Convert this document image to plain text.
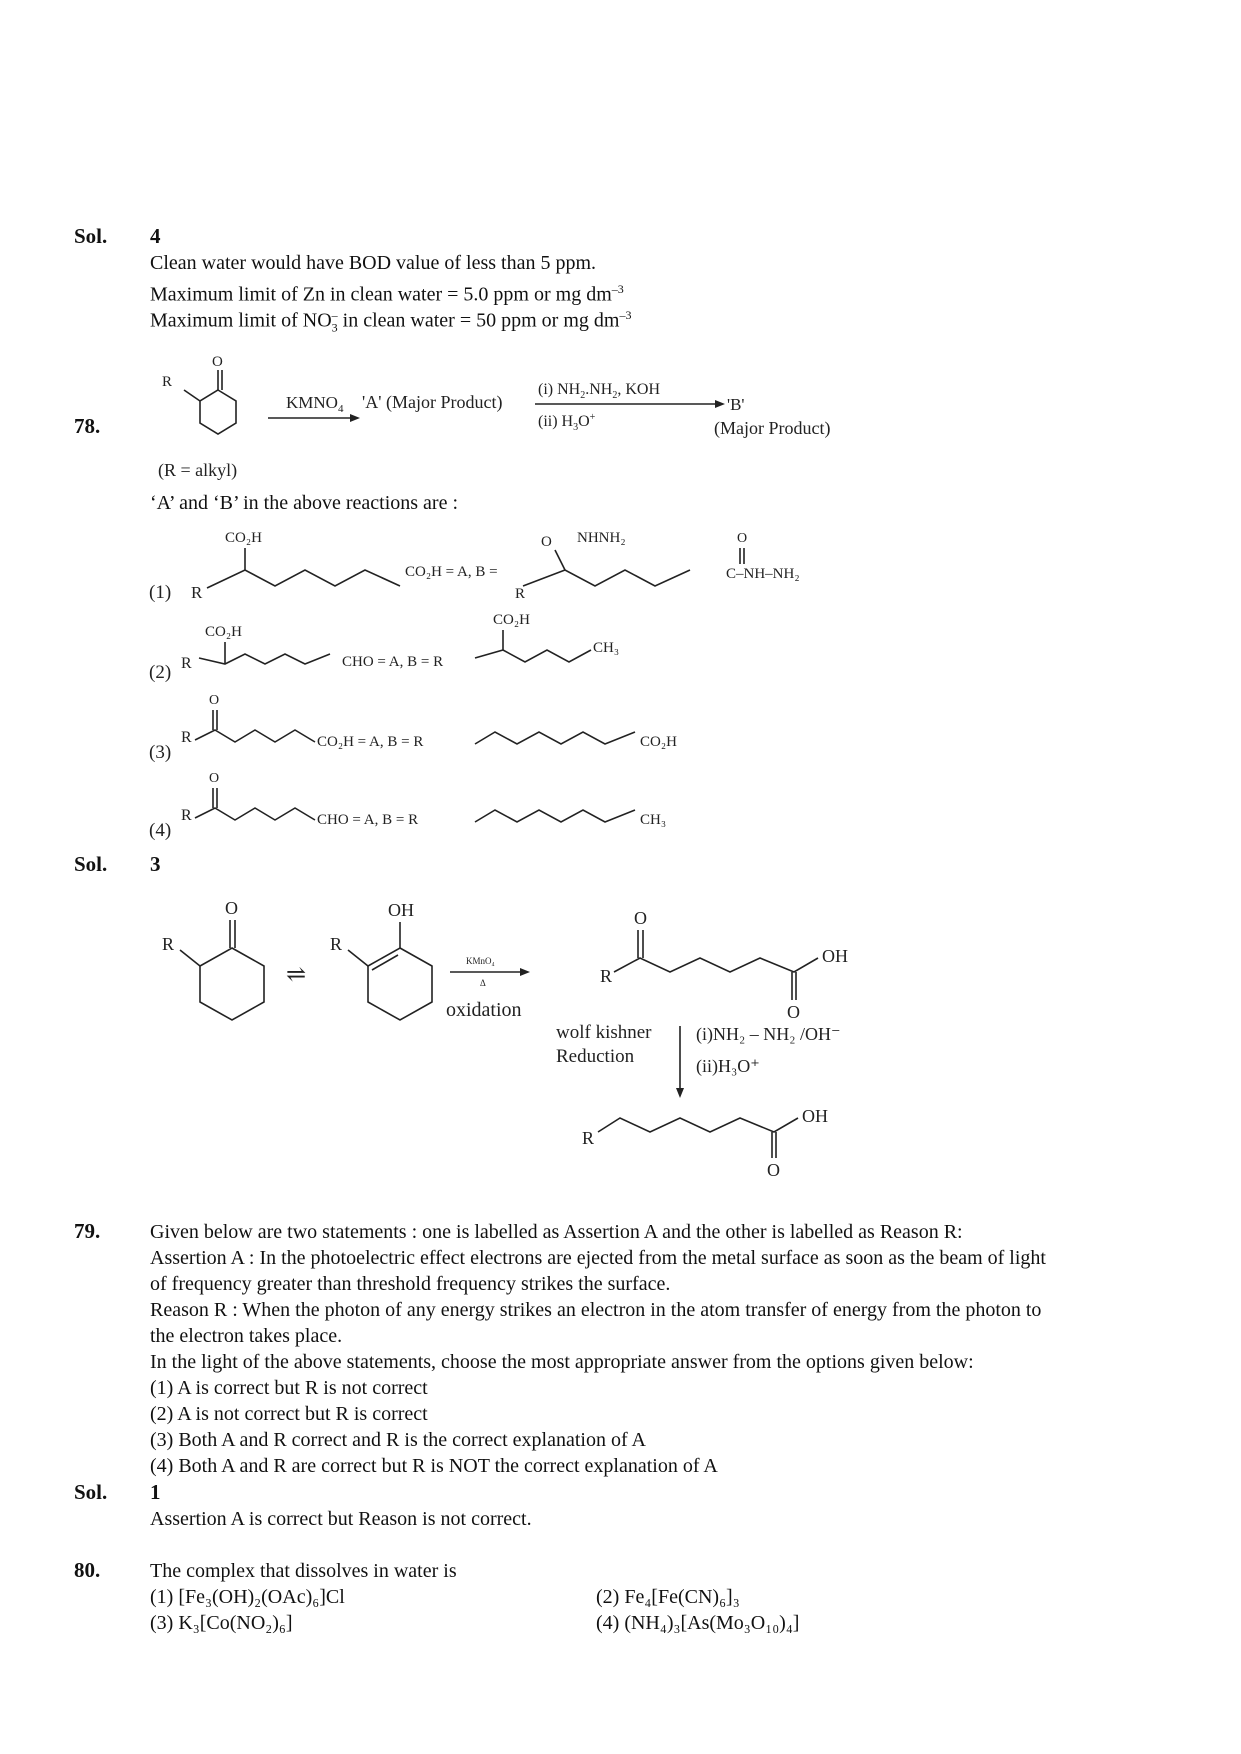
Sol. 4
Clean water would have BOD value of less than 5 ppm.
Maximum limit of Zn in clean water = 5.0 ppm or mg $dm^{-3}$
Maximum limit of $NO_3^-$ in clean water = 50 ppm or mg $dm^{-3}$
78.
O
R
(R = alkyl)
$KMNO_4$ 'A' (Major Product)
(i) $NH_2.NH_2$, KOH
(ii) $H_3O^+$
'B'
(Major Product)
‘A’ and ‘B’ in the above reactions are :
(1) R
CO₂H
CO₂H = A, B =
R
O NHNH₂	O
C–NH–NH₂
(2) R
CO₂H
CHO = A, B = R
CO₂H
CH₃
(3)
R
O
CO₂H = A, B = R	CO₂H
(4)
R
O
CHO = A, B = R	CH₃
Sol. 3
O
R
⇌
OH
R
KMnO₄
Δ
oxidation
R
O
O
OH
wolf kishner
Reduction
(i)NH₂ – NH₂ /OH⁻
(ii)H₃O⁺
R
O
OH
79. Given below are two statements : one is labelled as Assertion A and the other is labelled as Reason R:
Assertion A : In the photoelectric effect electrons are ejected from the metal surface as soon as the beam of light
of frequency greater than threshold frequency strikes the surface.
Reason R : When the photon of any energy strikes an electron in the atom transfer of energy from the photon to
the electron takes place.
In the light of the above statements, choose the most appropriate answer from the options given below:
(1) A is correct but R is not correct
(2) A is not correct but R is correct
(3) Both A and R correct and R is the correct explanation of A
(4) Both A and R are correct but R is NOT the correct explanation of A
Sol. 1
Assertion A is correct but Reason is not correct.
80. The complex that dissolves in water is
(1) [Fe₃(OH)₂(OAc)₆]Cl	(2) Fe₄[Fe(CN)₆]₃
(3) K₃[Co(NO₂)₆]	(4) (NH₄)₃[As(Mo₃O₁₀)₄]
